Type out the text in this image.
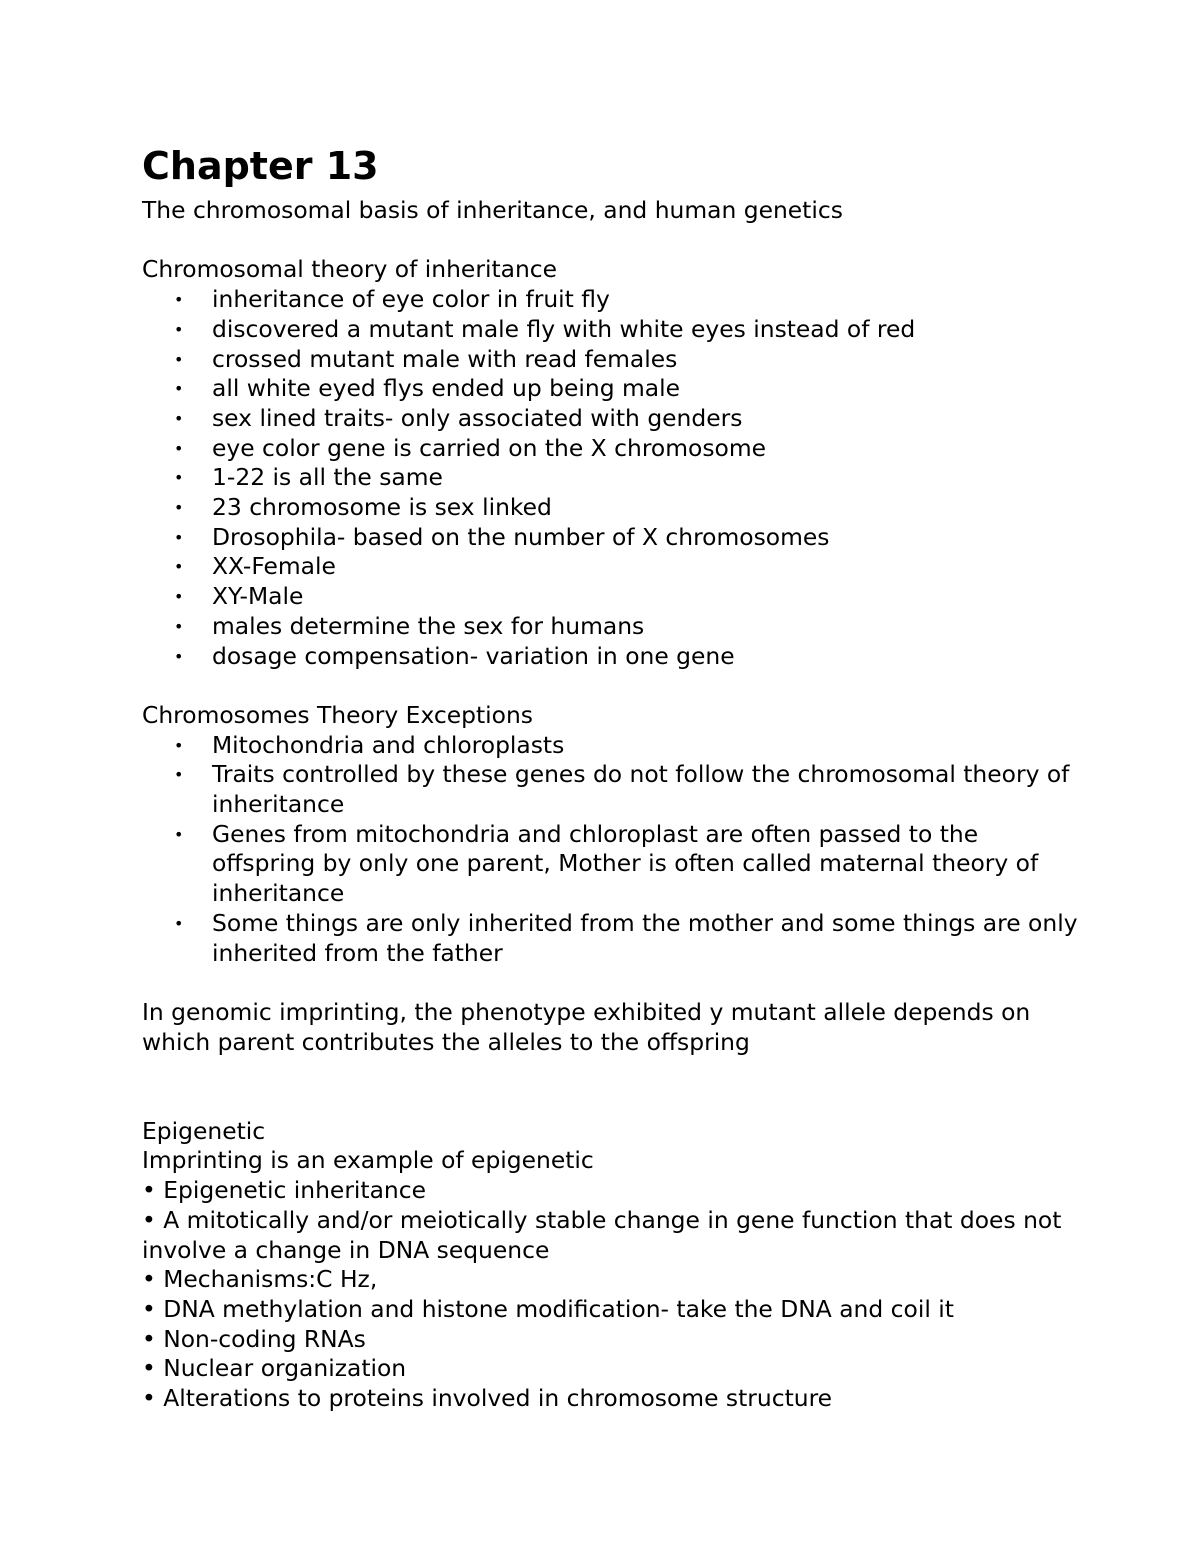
Chapter 13

The chromosomal basis of inheritance, and human genetics

Chromosomal theory of inheritance

• inheritance of eye color in fruit fly
• discovered a mutant male fly with white eyes instead of red
• crossed mutant male with read females
• all white eyed flys ended up being male
• sex lined traits- only associated with genders
• eye color gene is carried on the X chromosome
• 1-22 is all the same
• 23 chromosome is sex linked
• Drosophila- based on the number of X chromosomes
• XX-Female
• XY-Male
• males determine the sex for humans
• dosage compensation- variation in one gene

Chromosomes Theory Exceptions

• Mitochondria and chloroplasts
• Traits controlled by these genes do not follow the chromosomal theory of inheritance
• Genes from mitochondria and chloroplast are often passed to the offspring by only one parent, Mother is often called maternal theory of inheritance
• Some things are only inherited from the mother and some things are only inherited from the father

In genomic imprinting, the phenotype exhibited y mutant allele depends on which parent contributes the alleles to the offspring

Epigenetic

Imprinting is an example of epigenetic

• Epigenetic inheritance

• A mitotically and/or meiotically stable change in gene function that does not involve a change in DNA sequence

• Mechanisms:C Hz,

• DNA methylation and histone modification- take the DNA and coil it

• Non-coding RNAs

• Nuclear organization

• Alterations to proteins involved in chromosome structure
